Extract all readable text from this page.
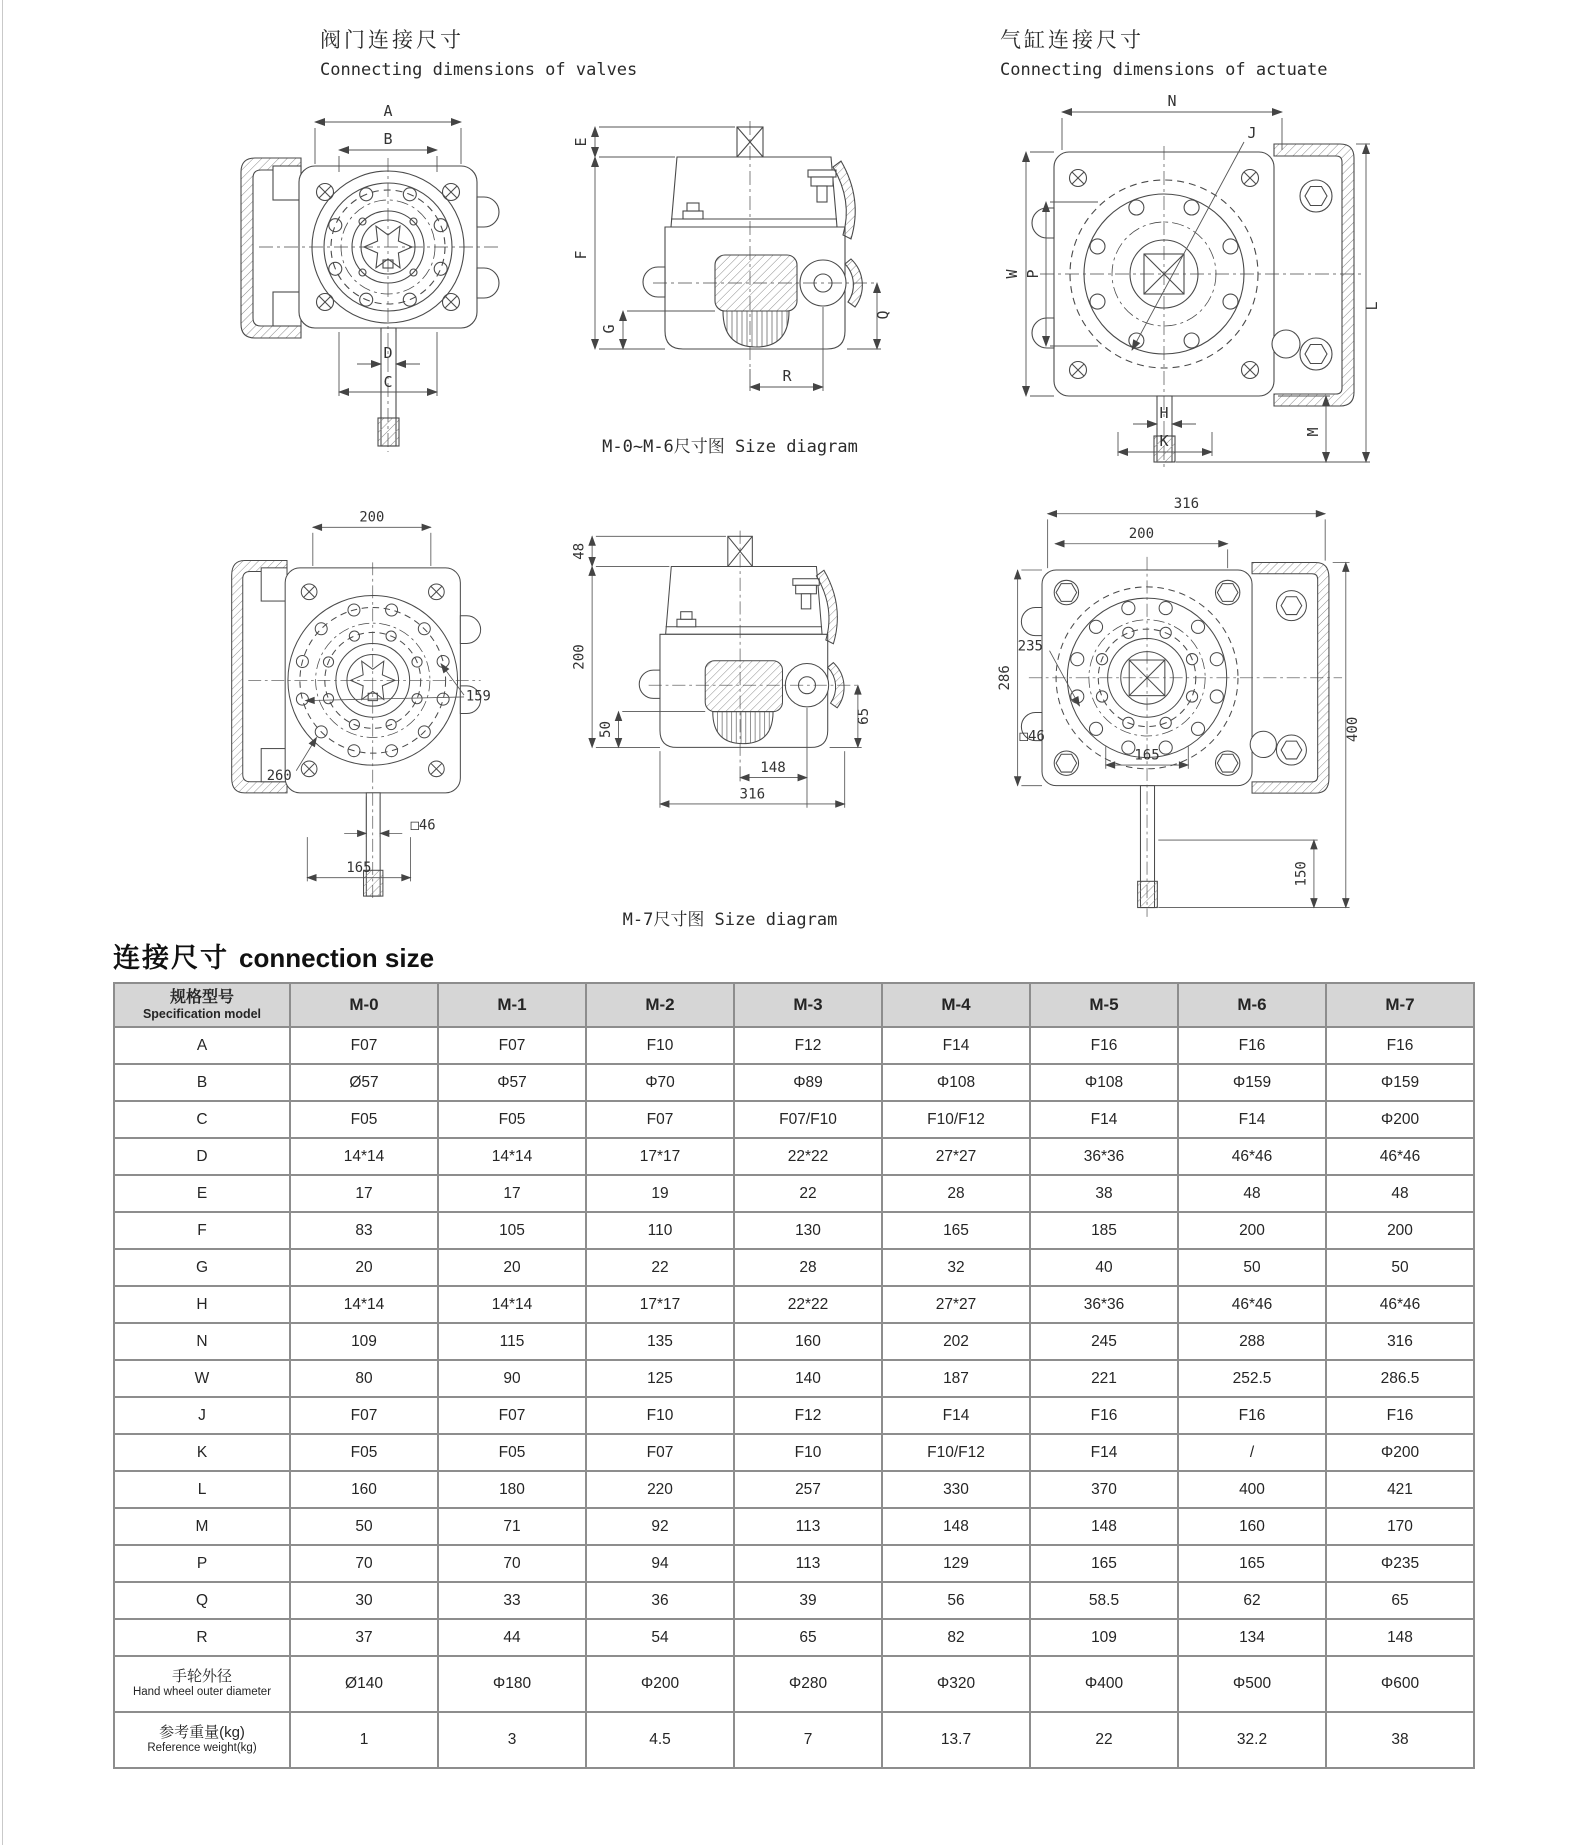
阀门连接尺寸
Connecting dimensions of valves
气缸连接尺寸
Connecting dimensions of actuate
A
B
D
C
E
F
G
R
Q
M-0~M-6尺寸图 Size diagram
N
J
W P
H
K
L
M
200
159
260
□46
165
48
200
50
148
316
65
M-7尺寸图 Size diagram
316
200
286
235
□46
165
400
150
连接尺寸 connection size
规格型号
Specification model	M-0	M-1	M-2	M-3	M-4	M-5	M-6	M-7
A	F07	F07	F10	F12	F14	F16	F16	F16
B	Ø57	Φ57	Φ70	Φ89	Φ108	Φ108	Φ159	Φ159
C	F05	F05	F07	F07/F10	F10/F12	F14	F14	Φ200
D	14*14	14*14	17*17	22*22	27*27	36*36	46*46	46*46
E	17	17	19	22	28	38	48	48
F	83	105	110	130	165	185	200	200
G	20	20	22	28	32	40	50	50
H	14*14	14*14	17*17	22*22	27*27	36*36	46*46	46*46
N	109	115	135	160	202	245	288	316
W	80	90	125	140	187	221	252.5	286.5
J	F07	F07	F10	F12	F14	F16	F16	F16
K	F05	F05	F07	F10	F10/F12	F14	/	Φ200
L	160	180	220	257	330	370	400	421
M	50	71	92	113	148	148	160	170
P	70	70	94	113	129	165	165	Φ235
Q	30	33	36	39	56	58.5	62	65
R	37	44	54	65	82	109	134	148

手轮外径
Hand wheel outer diameter	Ø140	Φ180	Φ200	Φ280	Φ320	Φ400	Φ500	Φ600

参考重量(kg)
Reference weight(kg)	1	3	4.5	7	13.7	22	32.2	38
